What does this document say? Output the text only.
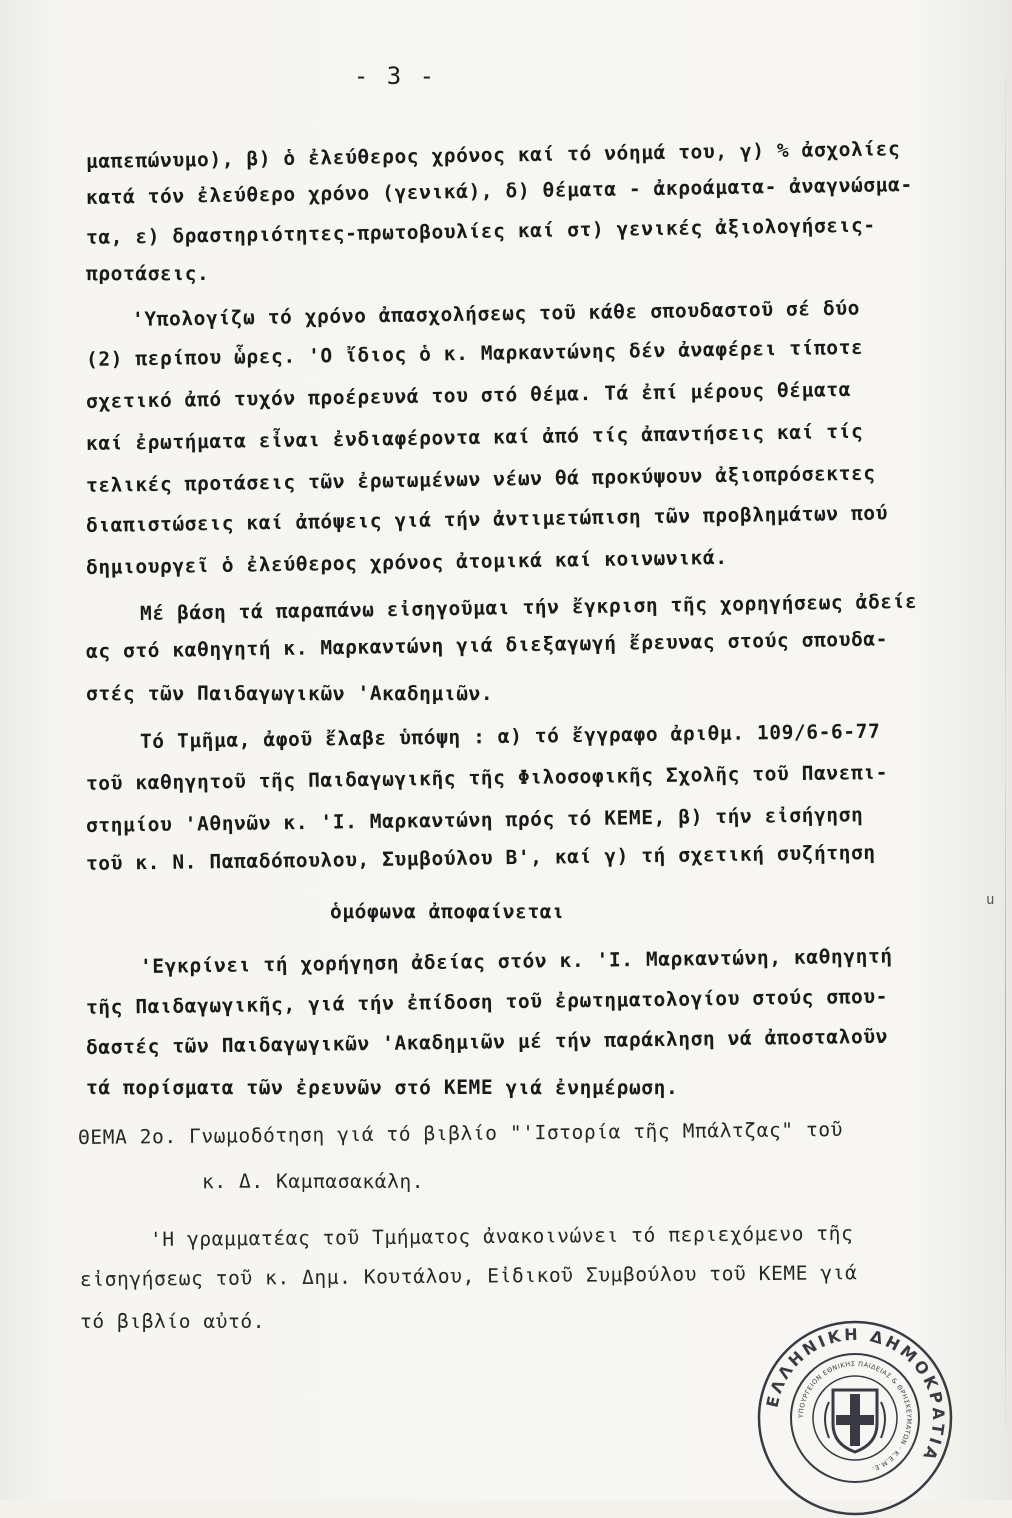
- 3 -
μαπεπώνυμο), β) ὁ ἐλεύθερος χρόνος καί τό νόημά του, γ) % ἀσχολίες
κατά τόν ἐλεύθερο χρόνο (γενικά), δ) θέματα - ἀκροάματα- ἀναγνώσμα-
τα, ε) δραστηριότητες-πρωτοβουλίες καί στ) γενικές ἀξιολογήσεις-
προτάσεις.
'Υπολογίζω τό χρόνο ἀπασχολήσεως τοῦ κάθε σπουδαστοῦ σέ δύο
(2) περίπου ὧρες. 'Ο ἴδιος ὁ κ. Μαρκαντώνης δέν ἀναφέρει τίποτε
σχετικό ἀπό τυχόν προέρευνά του στό θέμα. Τά ἐπί μέρους θέματα
καί ἐρωτήματα εἶναι ἐνδιαφέροντα καί ἀπό τίς ἀπαντήσεις καί τίς
τελικές προτάσεις τῶν ἐρωτωμένων νέων θά προκύψουν ἀξιοπρόσεκτες
διαπιστώσεις καί ἀπόψεις γιά τήν ἀντιμετώπιση τῶν προβλημάτων πού
δημιουργεῖ ὁ ἐλεύθερος χρόνος ἀτομικά καί κοινωνικά.
Μέ βάση τά παραπάνω εἰσηγοῦμαι τήν ἔγκριση τῆς χορηγήσεως ἀδείε
ας στό καθηγητή κ. Μαρκαντώνη γιά διεξαγωγή ἔρευνας στούς σπουδα-
στές τῶν Παιδαγωγικῶν 'Ακαδημιῶν.
Τό Τμῆμα, ἀφοῦ ἔλαβε ὑπόψη : α) τό ἔγγραφο ἀριθμ. 109/6-6-77
τοῦ καθηγητοῦ τῆς Παιδαγωγικῆς τῆς Φιλοσοφικῆς Σχολῆς τοῦ Πανεπι-
στημίου 'Αθηνῶν κ. 'Ι. Μαρκαντώνη πρός τό ΚΕΜΕ, β) τήν εἰσήγηση
τοῦ κ. Ν. Παπαδόπουλου, Συμβούλου Β', καί γ) τή σχετική συζήτηση
ὁμόφωνα ἀποφαίνεται	u
'Εγκρίνει τή χορήγηση ἀδείας στόν κ. 'Ι. Μαρκαντώνη, καθηγητή
τῆς Παιδαγωγικῆς, γιά τήν ἐπίδοση τοῦ ἐρωτηματολογίου στούς σπου-
δαστές τῶν Παιδαγωγικῶν 'Ακαδημιῶν μέ τήν παράκληση νά ἀποσταλοῦν
τά πορίσματα τῶν ἐρευνῶν στό ΚΕΜΕ γιά ἐνημέρωση.
ΘΕΜΑ 2ο. Γνωμοδότηση γιά τό βιβλίο "'Ιστορία τῆς Μπάλτζας" τοῦ
κ. Δ. Καμπασακάλη.
'Η γραμματέας τοῦ Τμήματος ἀνακοινώνει τό περιεχόμενο τῆς
εἰσηγήσεως τοῦ κ. Δημ. Κουτάλου, Εἰδικοῦ Συμβούλου τοῦ ΚΕΜΕ γιά
τό βιβλίο αὐτό.
ΕΛΛΗΝΙΚΗ ΔΗΜΟΚΡΑΤΙΑ
ΥΠΟΥΡΓΕΙΟΝ ΕΘΝΙΚΗΣ ΠΑΙΔΕΙΑΣ & ΘΡΗΣΚΕΥΜΑΤΩΝ · Κ.Ε.Μ.Ε.
